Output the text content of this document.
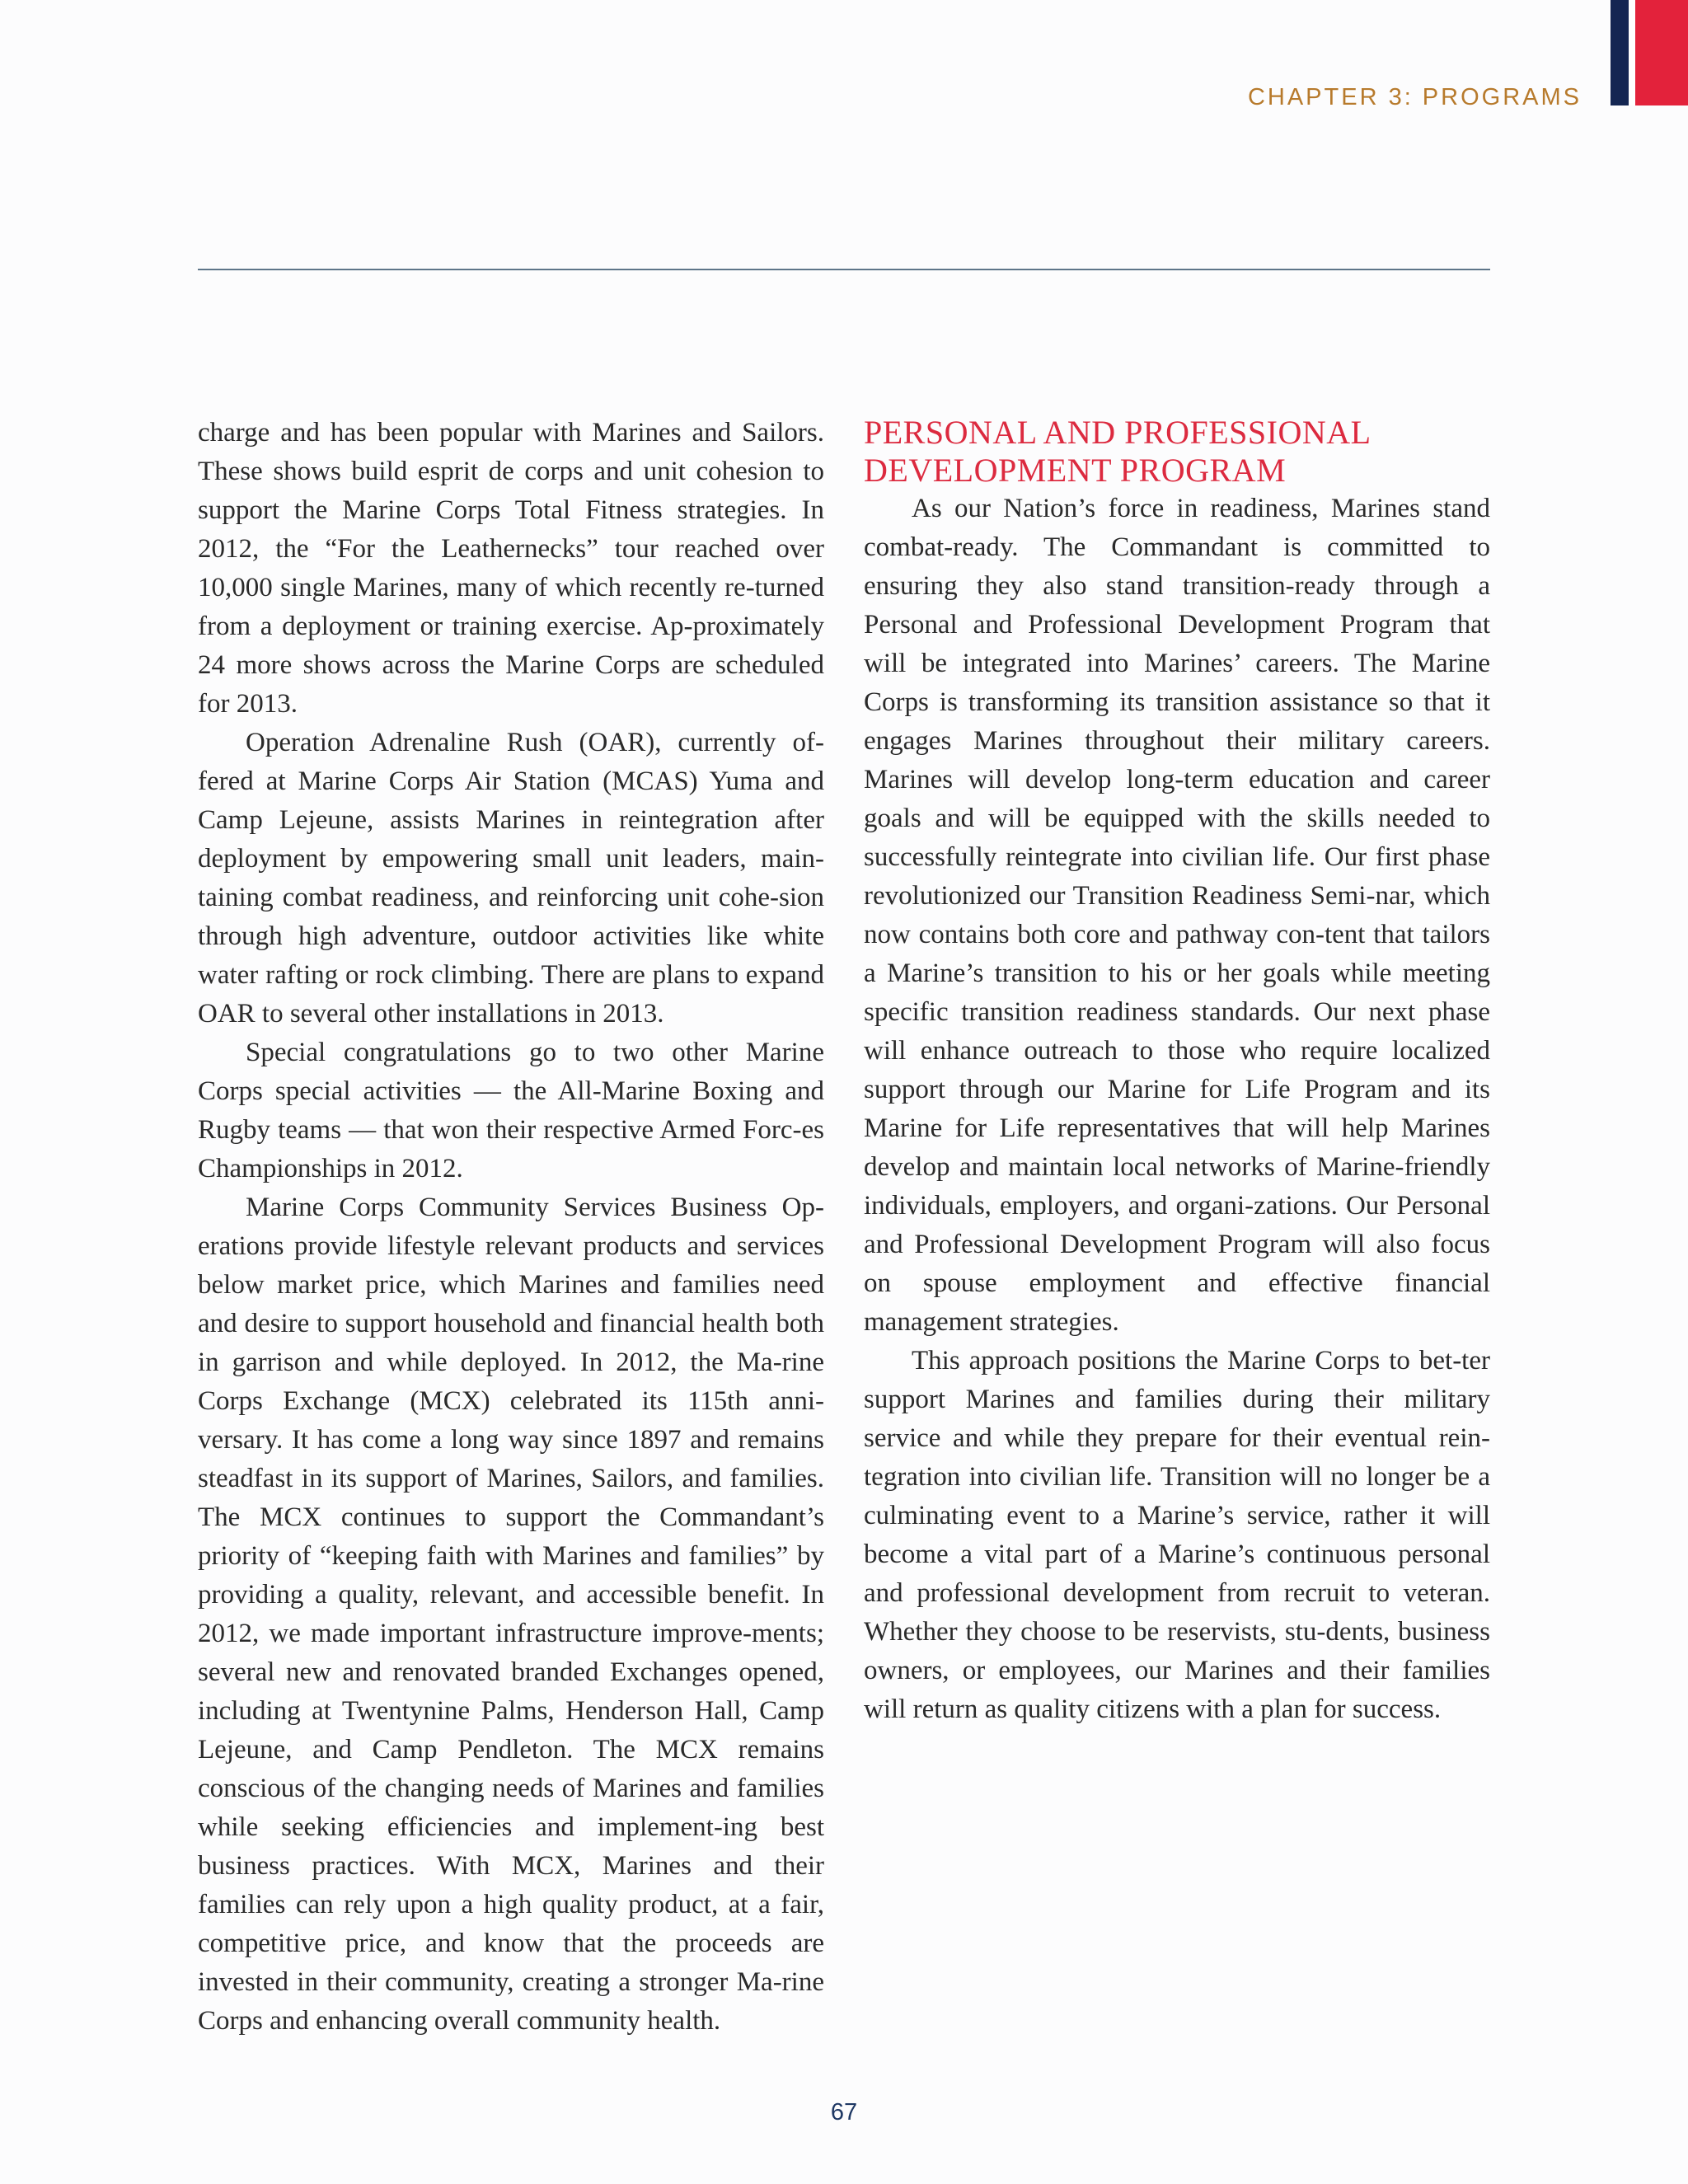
CHAPTER 3: PROGRAMS

charge and has been popular with Marines and Sailors. These shows build esprit de corps and unit cohesion to support the Marine Corps Total Fitness strategies. In 2012, the “For the Leathernecks” tour reached over 10,000 single Marines, many of which recently re-turned from a deployment or training exercise. Ap-proximately 24 more shows across the Marine Corps are scheduled for 2013.

Operation Adrenaline Rush (OAR), currently of-fered at Marine Corps Air Station (MCAS) Yuma and Camp Lejeune, assists Marines in reintegration after deployment by empowering small unit leaders, main-taining combat readiness, and reinforcing unit cohe-sion through high adventure, outdoor activities like white water rafting or rock climbing. There are plans to expand OAR to several other installations in 2013.

Special congratulations go to two other Marine Corps special activities — the All-Marine Boxing and Rugby teams — that won their respective Armed Forc-es Championships in 2012.

Marine Corps Community Services Business Op-erations provide lifestyle relevant products and services below market price, which Marines and families need and desire to support household and financial health both in garrison and while deployed. In 2012, the Ma-rine Corps Exchange (MCX) celebrated its 115th anni-versary. It has come a long way since 1897 and remains steadfast in its support of Marines, Sailors, and families. The MCX continues to support the Commandant’s priority of “keeping faith with Marines and families” by providing a quality, relevant, and accessible benefit. In 2012, we made important infrastructure improve-ments; several new and renovated branded Exchanges opened, including at Twentynine Palms, Henderson Hall, Camp Lejeune, and Camp Pendleton. The MCX remains conscious of the changing needs of Marines and families while seeking efficiencies and implement-ing best business practices. With MCX, Marines and their families can rely upon a high quality product, at a fair, competitive price, and know that the proceeds are invested in their community, creating a stronger Ma-rine Corps and enhancing overall community health.

PERSONAL AND PROFESSIONAL DEVELOPMENT PROGRAM

As our Nation’s force in readiness, Marines stand combat-ready. The Commandant is committed to ensuring they also stand transition-ready through a Personal and Professional Development Program that will be integrated into Marines’ careers. The Marine Corps is transforming its transition assistance so that it engages Marines throughout their military careers. Marines will develop long-term education and career goals and will be equipped with the skills needed to successfully reintegrate into civilian life. Our first phase revolutionized our Transition Readiness Semi-nar, which now contains both core and pathway con-tent that tailors a Marine’s transition to his or her goals while meeting specific transition readiness standards. Our next phase will enhance outreach to those who require localized support through our Marine for Life Program and its Marine for Life representatives that will help Marines develop and maintain local networks of Marine-friendly individuals, employers, and organi-zations. Our Personal and Professional Development Program will also focus on spouse employment and effective financial management strategies.

This approach positions the Marine Corps to bet-ter support Marines and families during their military service and while they prepare for their eventual rein-tegration into civilian life. Transition will no longer be a culminating event to a Marine’s service, rather it will become a vital part of a Marine’s continuous personal and professional development from recruit to veteran. Whether they choose to be reservists, stu-dents, business owners, or employees, our Marines and their families will return as quality citizens with a plan for success.

67
